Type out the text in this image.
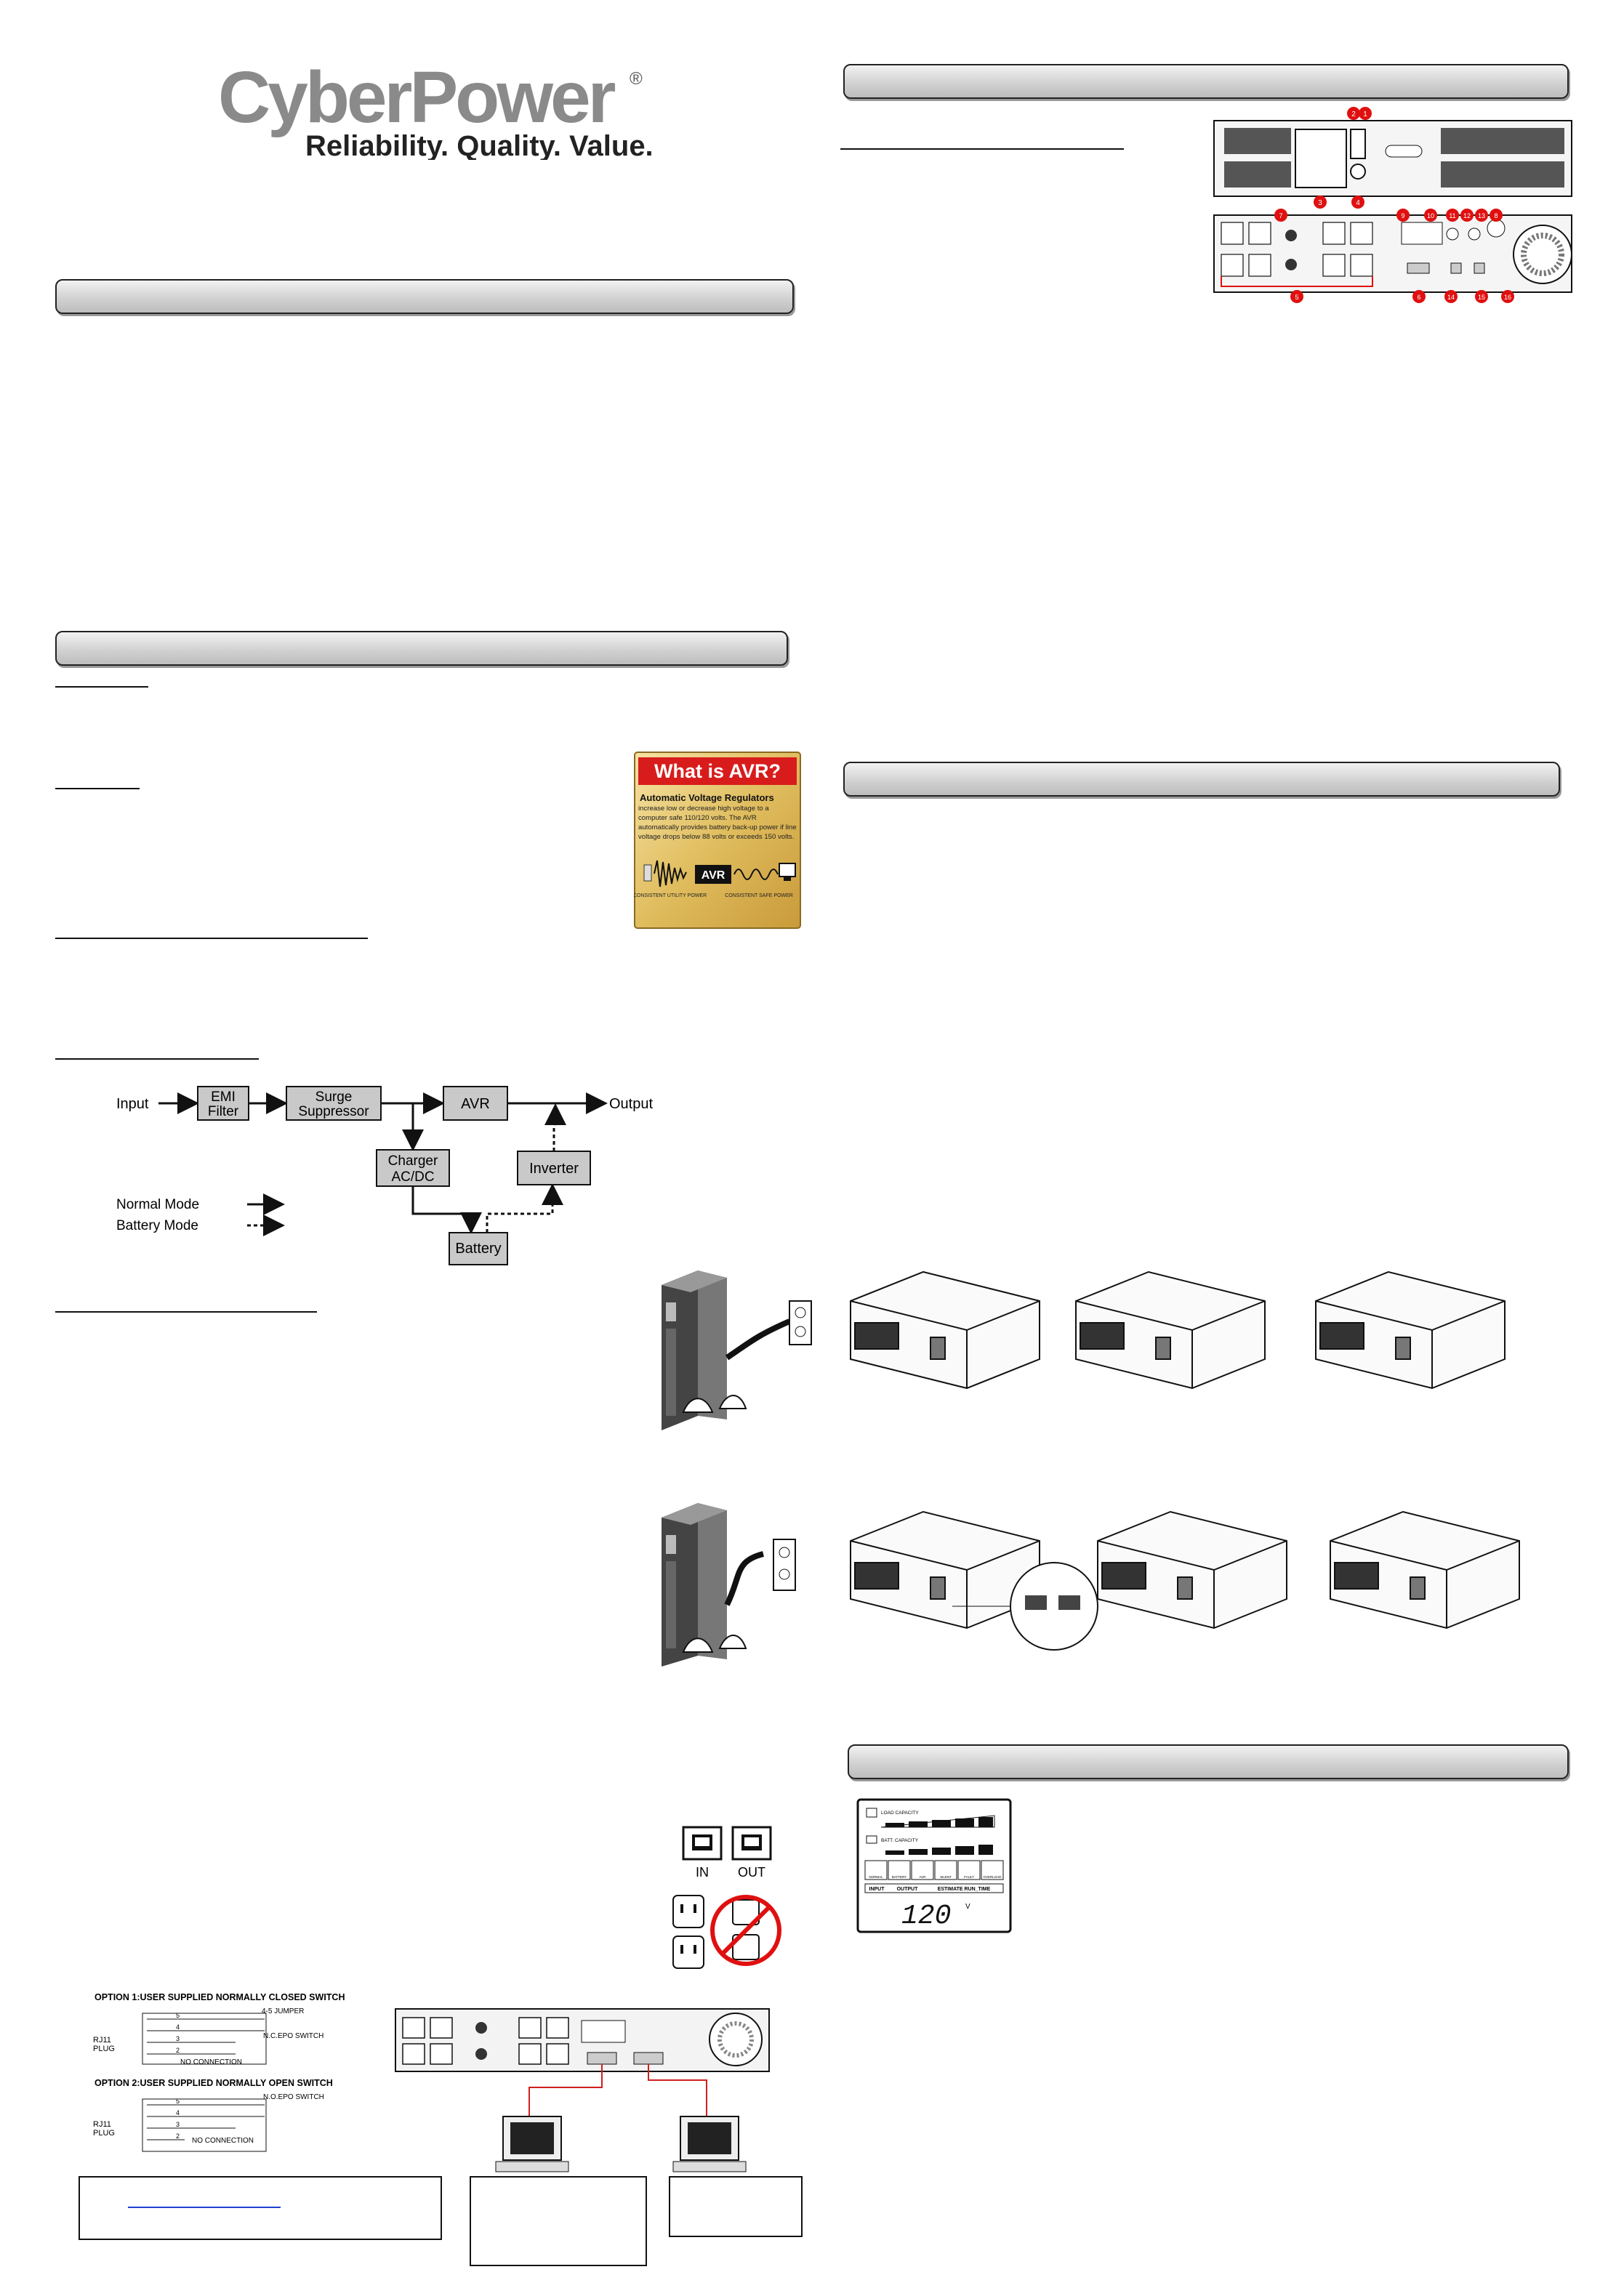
CyberPower ®
Reliability. Quality. Value.
What is AVR?
Automatic Voltage Regulators
increase low or decrease high voltage to a computer safe 110/120 volts. The AVR automatically provides battery back-up power if line voltage drops below 88 volts or exceeds 150 volts.
AVR
INCONSISTENT UTILITY POWER	CONSISTENT SAFE POWER
Input	EMI
Filter
Surge
Suppressor	AVR	Output
Charger
AC/DC
Battery
Inverter
Normal Mode
Battery Mode
IN OUT
OPTION 1:USER SUPPLIED NORMALLY CLOSED SWITCH
RJ11
PLUG
5
4
3
2
4-5 JUMPER
N.C.EPO SWITCH
NO CONNECTION
OPTION 2:USER SUPPLIED NORMALLY OPEN SWITCH
RJ11
PLUG
5
4
3
2
N.O.EPO SWITCH
NO CONNECTION
2 1
3	4
7	9	10 11 12 13 8
5	6	14	15	16
LOAD CAPACITY
BATT. CAPACITY
NORMAL	BATTERY	AVR	SILENT	FAULT	OVERLOAD
INPUT OUTPUT	ESTIMATE RUN_TIME
120 V
